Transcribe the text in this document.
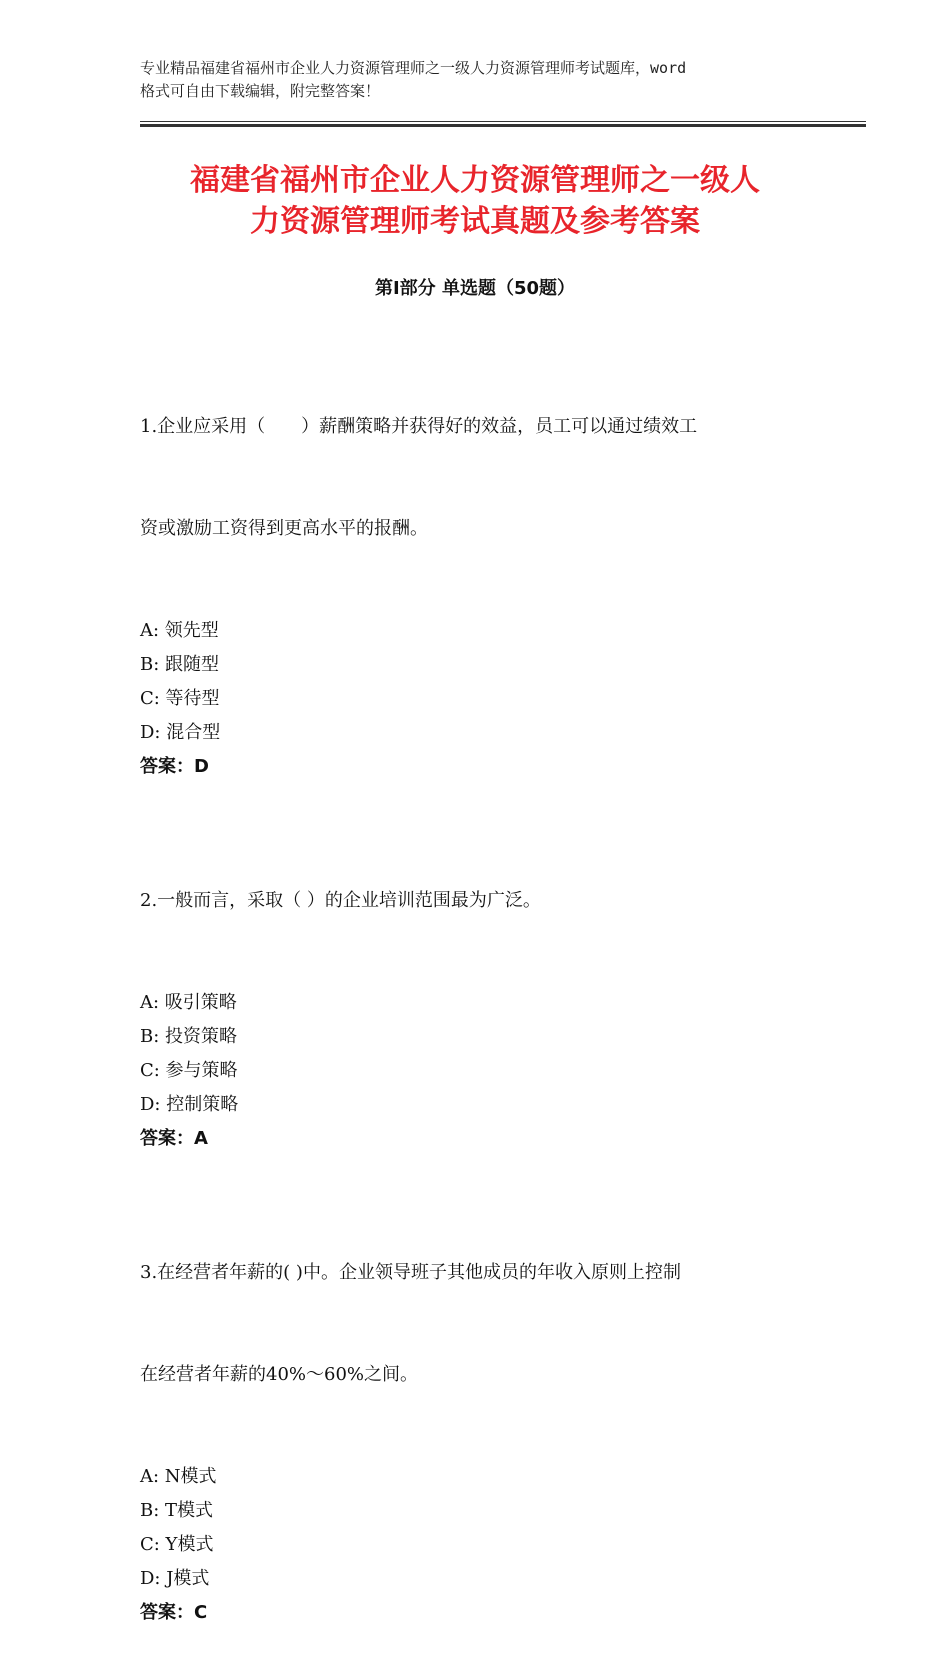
专业精品福建省福州市企业人力资源管理师之一级人力资源管理师考试题库，word
格式可自由下载编辑，附完整答案！
福建省福州市企业人力资源管理师之一级人
力资源管理师考试真题及参考答案
第Ⅰ部分 单选题（50题）

1.企业应采用（　　）薪酬策略并获得好的效益，员工可以通过绩效工

资或激励工资得到更高水平的报酬。

A: 领先型
B: 跟随型
C: 等待型
D: 混合型
答案：D

2.一般而言，采取（ ）的企业培训范围最为广泛。

A: 吸引策略
B: 投资策略
C: 参与策略
D: 控制策略
答案：A

3.在经营者年薪的( )中。企业领导班子其他成员的年收入原则上控制

在经营者年薪的40%～60%之间。

A: N模式
B: T模式
C: Y模式
D: J模式
答案：C
